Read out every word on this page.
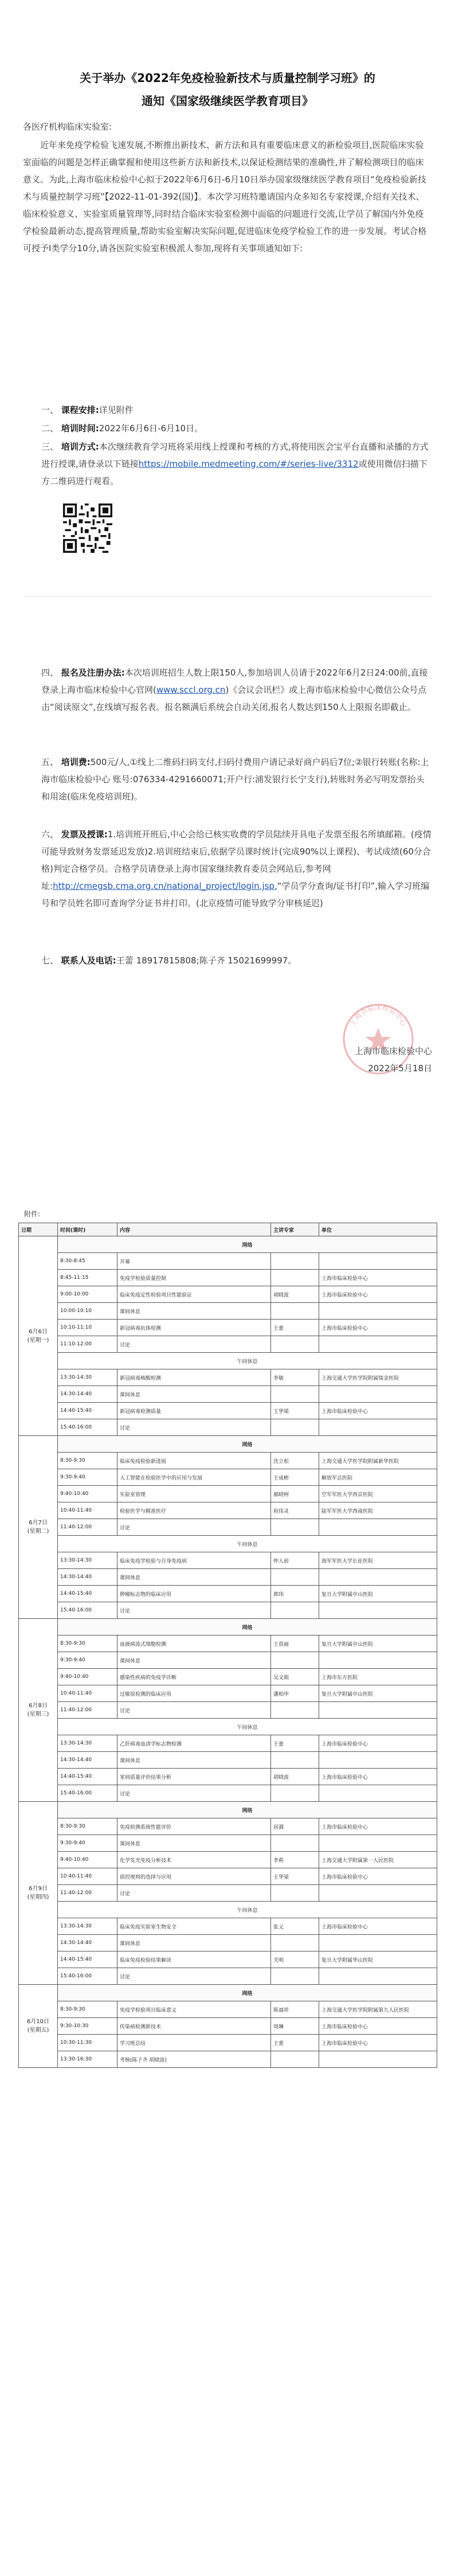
关于举办《2022年免疫检验新技术与质量控制学习班》的
通知《国家级继续医学教育项目》
各医疗机构临床实验室:
近年来免疫学检验飞速发展,不断推出新技术、新方法和具有重要临床意义的新检验项目,医院临床实验室面临的问题是怎样正确掌握和使用这些新方法和新技术,以保证检测结果的准确性,并了解检测项目的临床意义。为此,上海市临床检验中心拟于2022年6月6日-6月10日举办国家级继续医学教育项目“免疫检验新技术与质量控制学习班”【2022-11-01-392(国)】。本次学习班特邀请国内众多知名专家授课,介绍有关技术、临床检验意义、实验室质量管理等,同时结合临床实验室检测中面临的问题进行交流,让学员了解国内外免疫学检验最新动态,提高管理质量,帮助实验室解决实际问题,促进临床免疫学检验工作的进一步发展。考试合格可授予Ⅰ类学分10分,请各医院实验室积极派人参加,现将有关事项通知如下:
一、 课程安排:详见附件
二、 培训时间:2022年6月6日-6月10日。
三、 培训方式:本次继续教育学习班将采用线上授课和考核的方式,将使用医会宝平台直播和录播的方式进行授课,请登录以下链接https://mobile.medmeeting.com/#/series-live/3312或使用微信扫描下方二维码进行观看。
四、 报名及注册办法:本次培训班招生人数上限150人,参加培训人员请于2022年6月2日24:00前,直接登录上海市临床检验中心官网(www.sccl.org.cn)《会议会讯栏》或上海市临床检验中心微信公众号点击“阅读原文”,在线填写报名表。报名额满后系统会自动关闭,报名人数达到150人上限报名即截止。
五、 培训费:500元/人,①线上二维码扫码支付,扫码付费用户请记录好商户码后7位;②银行转账(名称:上海市临床检验中心 账号:076334-4291660071;开户行:浦发银行长宁支行),转账时务必写明发票抬头和用途(临床免疫培训班)。
六、 发票及授课:1.培训班开班后,中心会给已核实收费的学员陆续开具电子发票至报名所填邮箱。(疫情可能导致财务发票延迟发放)2.培训班结束后,依据学员课时统计(完成90%以上课程)、考试成绩(60分合格)判定合格学员。合格学员请登录上海市国家继续教育委员会网站后,参考网址:http://cmegsb.cma.org.cn/national_project/login.jsp,“学员学分查询/证书打印”,输入学习班编号和学员姓名即可查询学分证书并打印。(北京疫情可能导致学分审核延迟)
七、 联系人及电话:王蕾 18917815808;陈子齐 15021699997。
上海市临床检验中心
上海市临床检验中心
2022年5月18日
附件:
日期	时间(课时)	内容	主讲专家	单位

6月6日
(星期一)	网络			
	8:30-8:45	开幕		
	8:45-11:15	免疫学检验质量控制		上海市临床检验中心
	9:00-10:00	临床免疫定性检验项目性能验证	胡晓波	上海市临床检验中心
	10:00-10:10	课间休息		
	10:10-11:10	新冠病毒抗体检测	王蕾	上海市临床检验中心
	11:10-12:00	讨论		
	午间休息			
	13:30-14:30	新冠病毒核酸检测	李敏	上海交通大学医学院附属瑞金医院
	14:30-14:40	课间休息		
	14:40-15:40	新冠病毒检测质量	王华梁	上海市临床检验中心
	15:40-16:00	讨论		

6月7日
(星期二)	网络			
	8:30-9:30	临床免疫检验新进展	沈立松	上海交通大学医学院附属新华医院
	9:30-9:40	人工智能在检验医学中的应用与发展	王成彬	解放军总医院
	9:40-10:40	实验室管理	郝晓柯	空军军医大学西京医院
	10:40-11:40	检验医学与精准医疗	府伟灵	陆军军医大学西南医院
	11:40-12:00	讨论		
	午间休息			
	13:30-14:30	临床免疫学检验与自身免疫病	仲人前	海军军医大学长征医院
	14:30-14:40	课间休息		
	14:40-15:40	肿瘤标志物的临床应用	郭玮	复旦大学附属中山医院
	15:40-16:00	讨论		

6月8日
(星期三)	网络			
	8:30-9:30	血液病流式细胞检测	王蓓丽	复旦大学附属中山医院
	9:30-9:40	课间休息		
	9:40-10:40	感染性疾病的免疫学诊断	吴文娟	上海市东方医院
	10:40-11:40	过敏原检测的临床应用	潘柏申	复旦大学附属中山医院
	11:40-12:00	讨论		
	午间休息			
	13:30-14:30	乙肝病毒血清学标志物检测	王蕾	上海市临床检验中心
	14:30-14:40	课间休息		
	14:40-15:40	室间质量评价结果分析	胡晓波	上海市临床检验中心
	15:40-16:00	讨论		

6月9日
(星期四)	网络			
	8:30-9:30	免疫检测系统性能评价	居漪	上海市临床检验中心
	9:30-9:40	课间休息		
	9:40-10:40	化学发光免疫分析技术	李莉	上海交通大学附属第一人民医院
	10:40-11:40	质控规则的选择与应用	王华梁	上海市临床检验中心
	11:40-12:00	讨论		
	午间休息			
	13:30-14:30	临床免疫实验室生物安全	张义	上海市临床检验中心
	14:30-14:40	课间休息		
	14:40-15:40	临床免疫检验结果解读	关明	复旦大学附属华山医院
	15:40-16:00	讨论		

6月10日
(星期五)	网络			
	8:30-9:30	免疫学检验项目临床意义	陈福祥	上海交通大学医学院附属第九人民医院
	9:30-10:30	传染病检测新技术	周琳	上海市临床检验中心
	10:30-11:30	学习班总结	王蕾	上海市临床检验中心
	13:30-16:30	考核(陈子齐 胡晓波)		
